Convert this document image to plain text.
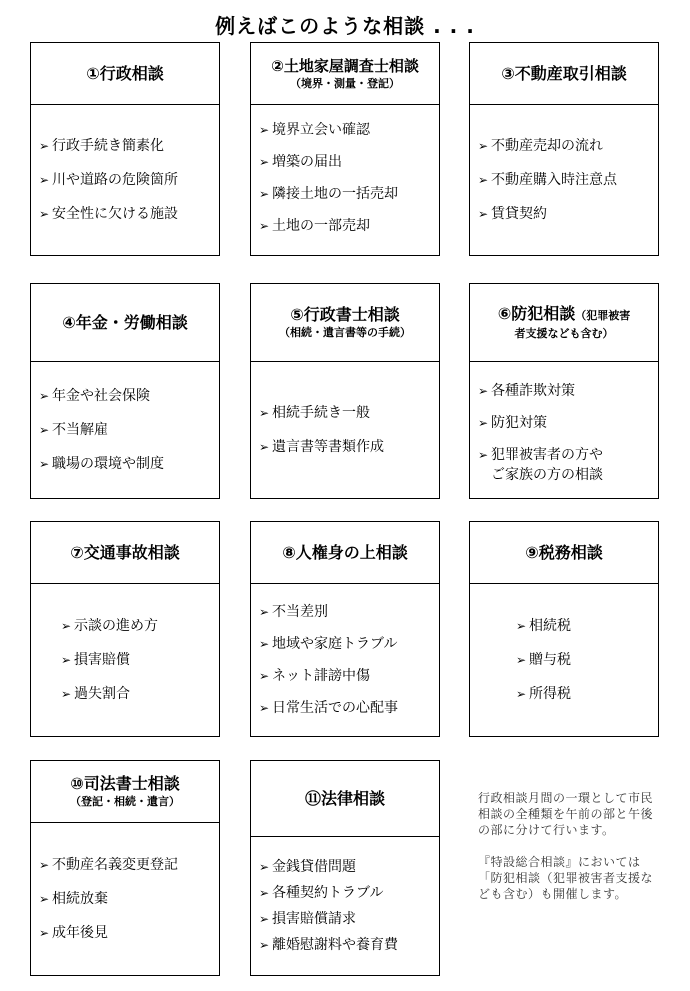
例えばこのような相談 . . .
①行政相談
➢ 行政手続き簡素化
➢ 川や道路の危険箇所
➢ 安全性に欠ける施設
②土地家屋調査士相談
（境界・測量・登記）
➢ 境界立会い確認
➢ 増築の届出
➢ 隣接土地の一括売却
➢ 土地の一部売却
③不動産取引相談
➢ 不動産売却の流れ
➢ 不動産購入時注意点
➢ 賃貸契約
④年金・労働相談
➢ 年金や社会保険
➢ 不当解雇
➢ 職場の環境や制度
⑤行政書士相談
（相続・遺言書等の手続）
➢ 相続手続き一般
➢ 遺言書等書類作成
⑥防犯相談（犯罪被害
者支援なども含む）
➢ 各種詐欺対策
➢ 防犯対策
➢ 犯罪被害者の方や
ご家族の方の相談
⑦交通事故相談
➢ 示談の進め方
➢ 損害賠償
➢ 過失割合
⑧人権身の上相談
➢ 不当差別
➢ 地域や家庭トラブル
➢ ネット誹謗中傷
➢ 日常生活での心配事
⑨税務相談
➢ 相続税
➢ 贈与税
➢ 所得税
⑩司法書士相談
（登記・相続・遺言）
➢ 不動産名義変更登記
➢ 相続放棄
➢ 成年後見
⑪法律相談
➢ 金銭貸借問題
➢ 各種契約トラブル
➢ 損害賠償請求
➢ 離婚慰謝料や養育費

行政相談月間の一環として市民相談の全種類を午前の部と午後の部に分けて行います。

『特設総合相談』においては「防犯相談（犯罪被害者支援なども含む）も開催します。
